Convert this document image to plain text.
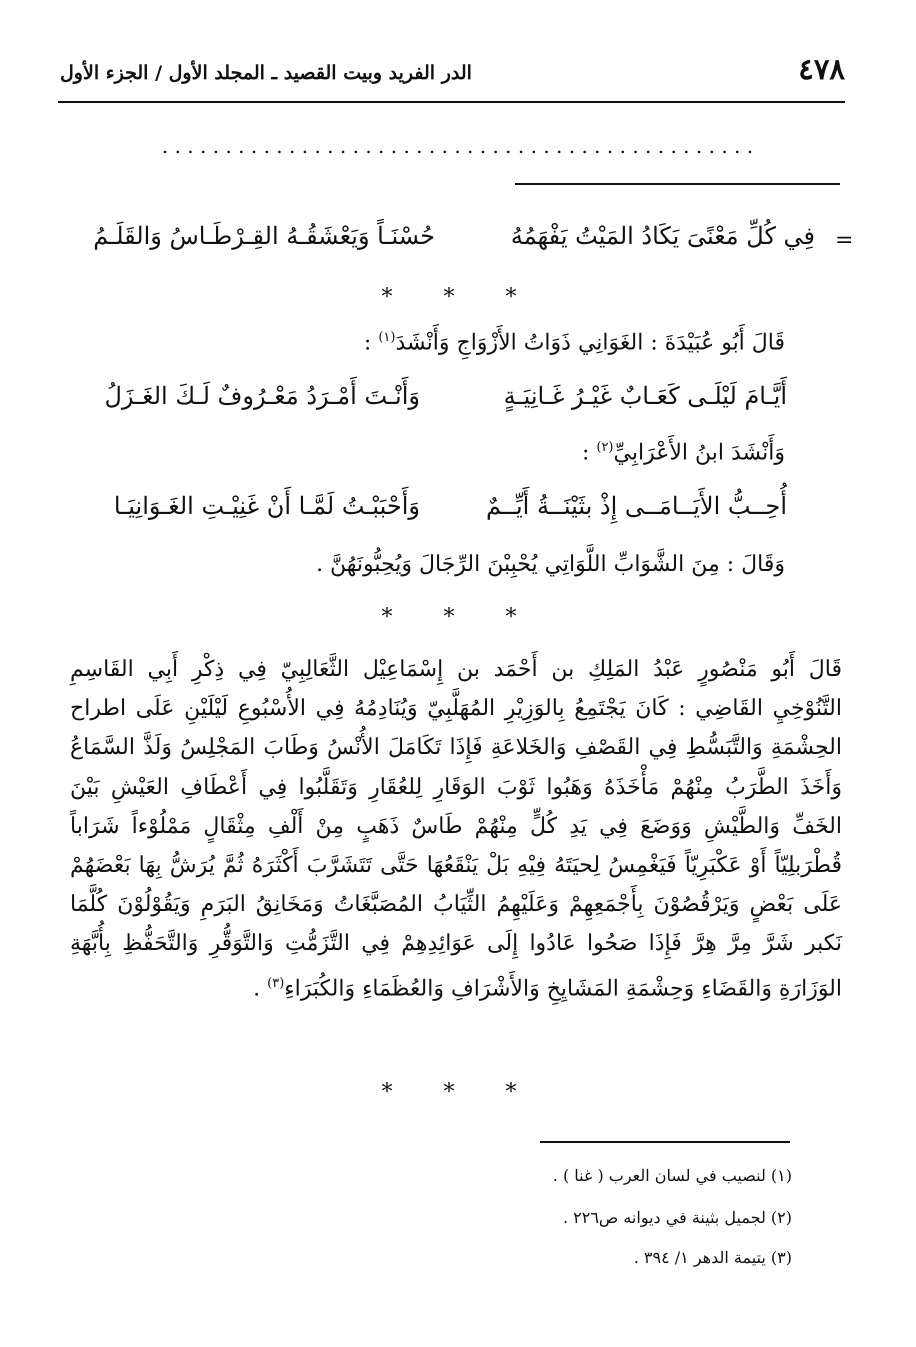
٤٧٨
الدر الفريد وبيت القصيد ـ المجلد الأول / الجزء الأول
. . . . . . . . . . . . . . . . . . . . . . . . . . . . . . . . . . . . . . . . . . . . . . .
=
فِي كُلِّ مَعْنًىَ يَكَادُ المَيْتُ يَفْهَمُهُ
حُسْنَـاً وَيَعْشَقُـهُ القِـرْطَـاسُ وَالقَلَـمُ
* * *
قَالَ أَبُو عُبَيْدَةَ : الغَوَانِي ذَوَاتُ الأَزْوَاجِ وَأَنْشَدَ$^{(١)}$ :
أَيَّـامَ لَيْلَـى كَعَـابٌ غَيْـرُ غَـانِيَـةٍ
وَأَنْـتَ أَمْـرَدُ مَعْـرُوفٌ لَـكَ الغَـزَلُ
وَأَنْشَدَ ابنُ الأَعْرَابِيِّ$^{(٢)}$ :
أُحِــبُّ الأَيَــامَــى إِذْ بثَيْنَــةُ أَيِّــمٌ
وَأَحْبَبْـتُ لَمَّـا أَنْ غَنِيْـتِ الغَـوَانِيَـا
وَقَالَ : مِنَ الشَّوَابِّ اللَّوَاتِي يُحْبِبْنَ الرِّجَالَ وَيُحِبُّونَهُنَّ .
* * *
قَالَ أَبُو مَنْصُورٍ عَبْدُ المَلِكِ بن أَحْمَد بن إِسْمَاعِيْل الثَّعَالِبِيّ فِي ذِكْرِ أَبِي القَاسِمِ
التَّنُوْخِيِ القَاضِي : كَانَ يَجْتَمِعُ بِالوَزِيْرِ المُهَلَّبِيّ وَيُنَادِمُهُ فِي الأُسْبُوعِ لَيْلَيْنِ عَلَى اطراح
الحِشْمَةِ وَالتَّبَسُّطِ فِي القَصْفِ وَالخَلاعَةِ فَإِذَا تَكَامَلَ الأُنْسُ وَطَابَ المَجْلِسُ وَلَذَّ السَّمَاعُ
وَأَخَذَ الطَّرَبُ مِنْهُمْ مَأْخَذَهُ وَهَبُوا ثَوْبَ الوَقَارِ لِلعُقَارِ وَتَقَلَّبُوا فِي أَعْطَافِ العَيْشِ بَيْنَ
الخَفِّ وَالطَّيْشِ وَوَضَعَ فِي يَدِ كُلٍّ مِنْهُمْ طَاسٌ ذَهَبٍ مِنْ أَلْفِ مِثْقَالٍ مَمْلُوْءاً شَرَاباً
قُطْرَبلِيّاً أَوْ عَكْبَرِيّاً فَيَغْمِسُ لِحيَتَهُ فِيْهِ بَلْ يَنْقَعُهَا حَتَّى تَتَشَرَّبَ أَكْثَرَهُ ثُمَّ يُرَشُّ بِهَا بَعْضَهُمْ
عَلَى بَعْضٍ وَيَرْقُصُوْنَ بِأَجْمَعِهِمْ وَعَلَيْهِمُ الثِّيَابُ المُصَبَّغَاتُ وَمَخَانِقُ البَرَمِ وَيَقُوْلُوْنَ كُلَّمَا
نَكبر شَرَّ مِرَّ هِرَّ فَإِذَا صَحُوا عَادُوا إِلَى عَوَائِدِهِمْ فِي التَّزَمُّتِ وَالتَّوَقُّرِ وَالتَّحَفُّظِ بِأُبَّهَةِ
الوَزَارَةِ وَالقَضَاءِ وَحِشْمَةِ المَشَايِخِ وَالأَشْرَافِ وَالعُظَمَاءِ وَالكُبَرَاءِ$^{(٣)}$ .
* * *
(١) لنصيب في لسان العرب ( غنا ) .
(٢) لجميل بثينة في ديوانه ص٢٢٦ .
(٣) يتيمة الدهر ١/ ٣٩٤ .
